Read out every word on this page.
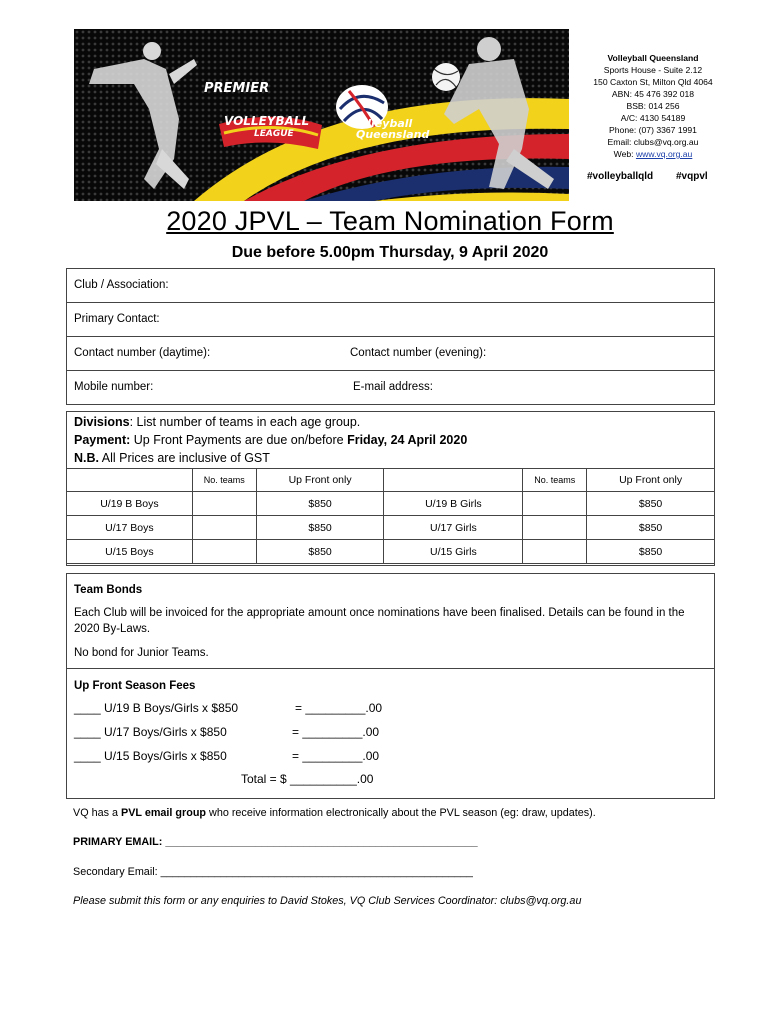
PREMIER
VOLLEYBALL
LEAGUE
Volleyball
Queensland
Volleyball Queensland
Sports House - Suite 2.12
150 Caxton St, Milton Qld 4064
ABN: 45 476 392 018
BSB: 014 256
A/C: 4130 54189
Phone: (07) 3367 1991
Email: clubs@vq.org.au
Web: www.vq.org.au
#volleyballqld #vqpvl
2020 JPVL – Team Nomination Form
Due before 5.00pm Thursday, 9 April 2020
Club / Association:
Primary Contact:
Contact number (daytime):	Contact number (evening):
Mobile number:	E-mail address:
Divisions: List number of teams in each age group.
Payment: Up Front Payments are due on/before Friday, 24 April 2020
N.B. All Prices are inclusive of GST
	No. teams	Up Front only		No. teams	Up Front only
U/19 B Boys		$850	U/19 B Girls		$850
U/17 Boys		$850	U/17 Girls		$850
U/15 Boys		$850	U/15 Girls		$850
Team Bonds
Each Club will be invoiced for the appropriate amount once nominations have been finalised. Details can be found in the 2020 By-Laws.
No bond for Junior Teams.
Up Front Season Fees
____ U/19 B Boys/Girls x $850	= _________.00
____ U/17 Boys/Girls x $850	= _________.00
____ U/15 Boys/Girls x $850	= _________.00
Total = $ __________.00
VQ has a PVL email group who receive information electronically about the PVL season (eg: draw, updates).
PRIMARY EMAIL: ____________________________________________________
Secondary Email: ____________________________________________________
Please submit this form or any enquiries to David Stokes, VQ Club Services Coordinator: clubs@vq.org.au
